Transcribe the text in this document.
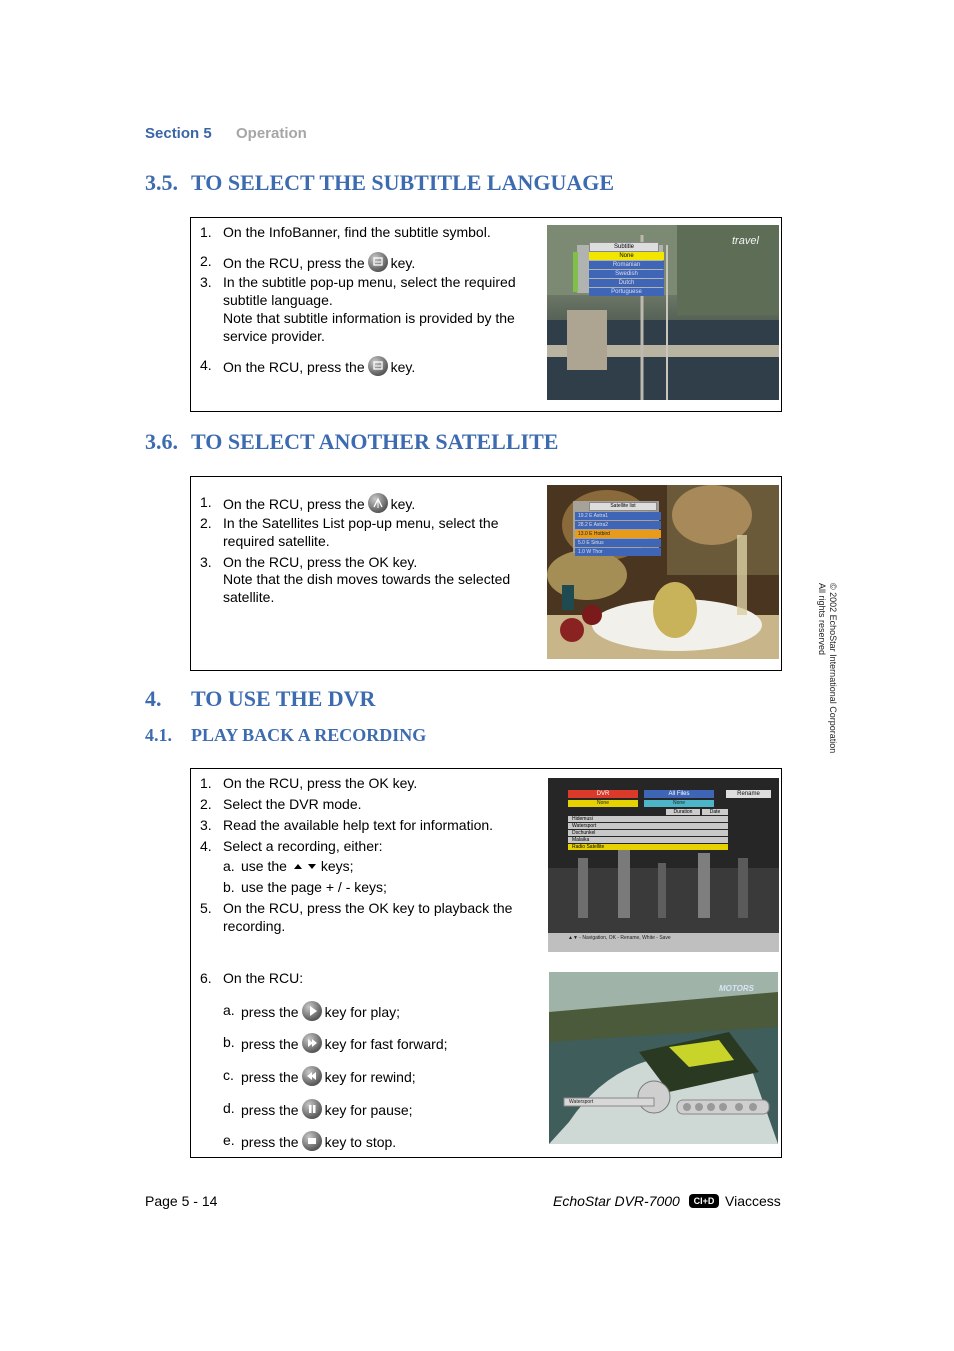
Section 5 Operation
3.5. TO SELECT THE SUBTITLE LANGUAGE
1. On the InfoBanner, find the subtitle symbol.
2. On the RCU, press the key.
3. In the subtitle pop-up menu, select the required subtitle language.
Note that subtitle information is provided by the service provider.
4. On the RCU, press the key.
Subtitle
None
Romanian
Swedish
Dutch
Portuguese
travel
3.6. TO SELECT ANOTHER SATELLITE
1. On the RCU, press the key.
2. In the Satellites List pop-up menu, select the required satellite.
3. On the RCU, press the OK key.
Note that the dish moves towards the selected satellite.
Satellite list
19.2 E Astra1
28.2 E Astra2
13.0 E Hotbird
5.0 E Sirius
1.0 W Thor
4. TO USE THE DVR
4.1. PLAY BACK A RECORDING
1. On the RCU, press the OK key.
2. Select the DVR mode.
3. Read the available help text for information.
4. Select a recording, either:
a. use the keys;
b. use the page + / - keys;
5. On the RCU, press the OK key to playback the recording.
6. On the RCU:
a. press the key for play;
b. press the key for fast forward;
c. press the key for rewind;
d. press the key for pause;
e. press the key to stop.
DVR	All Files	Rename
None	None
Duration	Date
Hidemusi
Watersport
Dschunkel
Malaika
Radio Satellite
▲▼ - Navigation, OK - Rename, White - Save
Watersport
MOTORS
© 2002 EchoStar International Corporation
All rights reserved
Page 5 - 14	EchoStar DVR-7000	CI+D Viaccess
